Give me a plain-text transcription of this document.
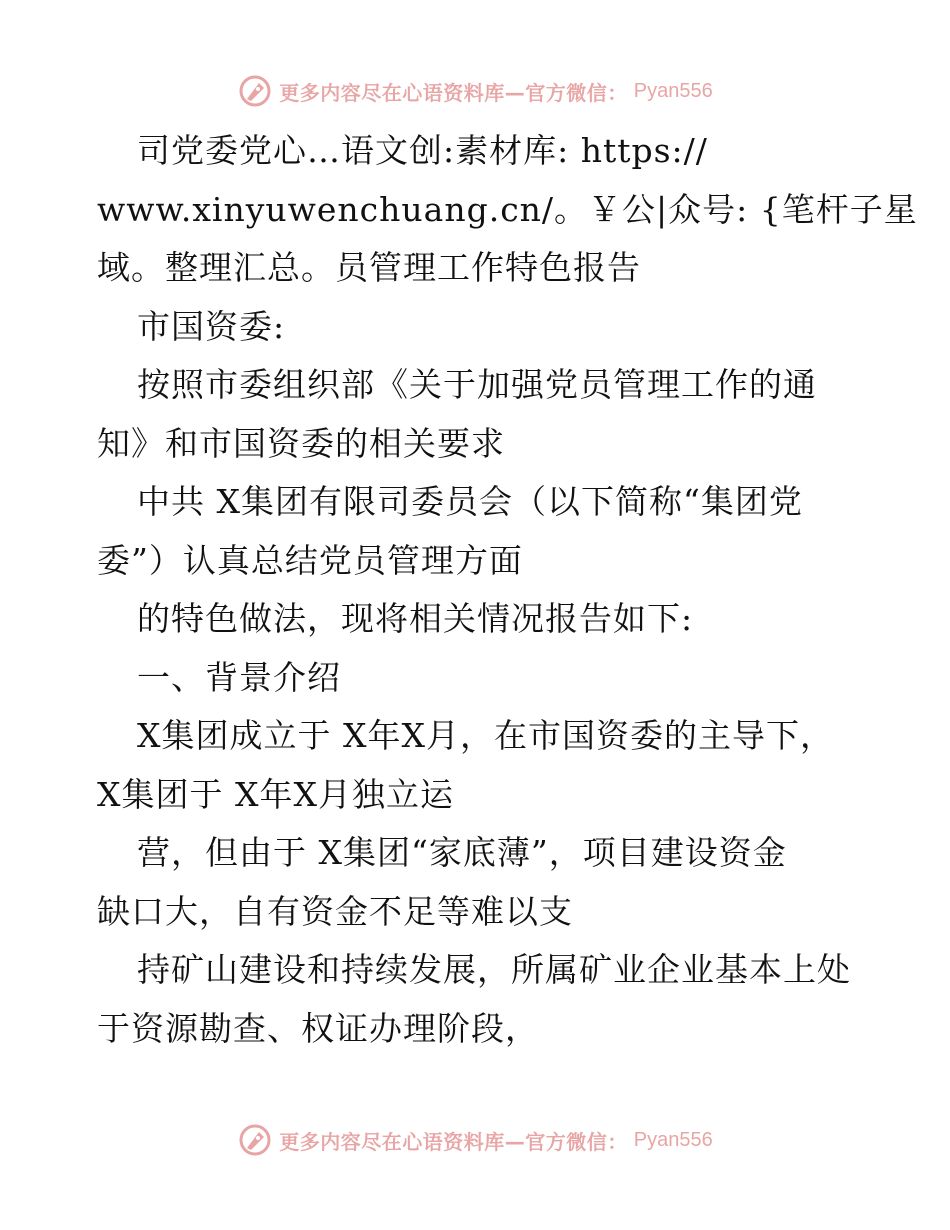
更多内容尽在心语资料库—官方微信： Pyan556
司党委党心…语文创:素材库: https://
www.xinyuwenchuang.cn/。￥公|众号: {笔杆子星
域。整理汇总。员管理工作特色报告
市国资委:
按照市委组织部《关于加强党员管理工作的通
知》和市国资委的相关要求
中共 X集团有限司委员会（以下简称“集团党
委”）认真总结党员管理方面
的特色做法，现将相关情况报告如下:
一、背景介绍
X集团成立于 X年X月，在市国资委的主导下，
X集团于 X年X月独立运
营，但由于 X集团“家底薄”，项目建设资金
缺口大，自有资金不足等难以支
持矿山建设和持续发展，所属矿业企业基本上处
于资源勘查、权证办理阶段，
更多内容尽在心语资料库—官方微信： Pyan556
